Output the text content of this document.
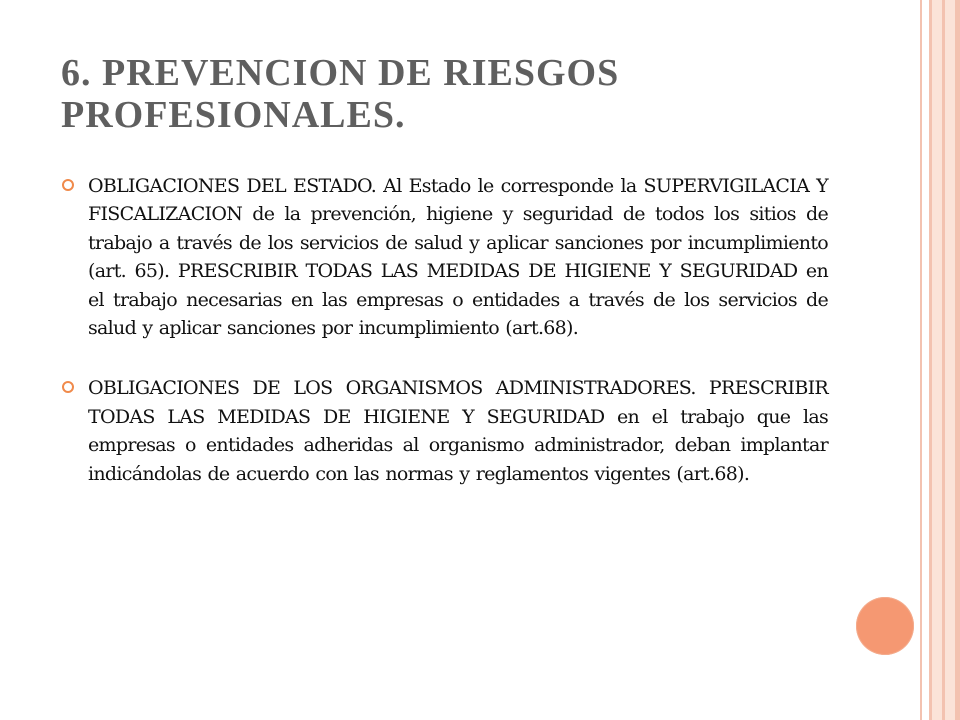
6. PREVENCION DE RIESGOS PROFESIONALES.
OBLIGACIONES DEL ESTADO. Al Estado le corresponde la SUPERVIGILACIA Y FISCALIZACION de la prevención, higiene y seguridad de todos los sitios de trabajo a través de los servicios de salud y aplicar sanciones por incumplimiento (art. 65). PRESCRIBIR TODAS LAS MEDIDAS DE HIGIENE Y SEGURIDAD en el trabajo necesarias en las empresas o entidades a través de los servicios de salud y aplicar sanciones por incumplimiento (art.68).
OBLIGACIONES DE LOS ORGANISMOS ADMINISTRADORES. PRESCRIBIR TODAS LAS MEDIDAS DE HIGIENE Y SEGURIDAD en el trabajo que las empresas o entidades adheridas al organismo administrador, deban implantar indicándolas de acuerdo con las normas y reglamentos vigentes (art.68).
